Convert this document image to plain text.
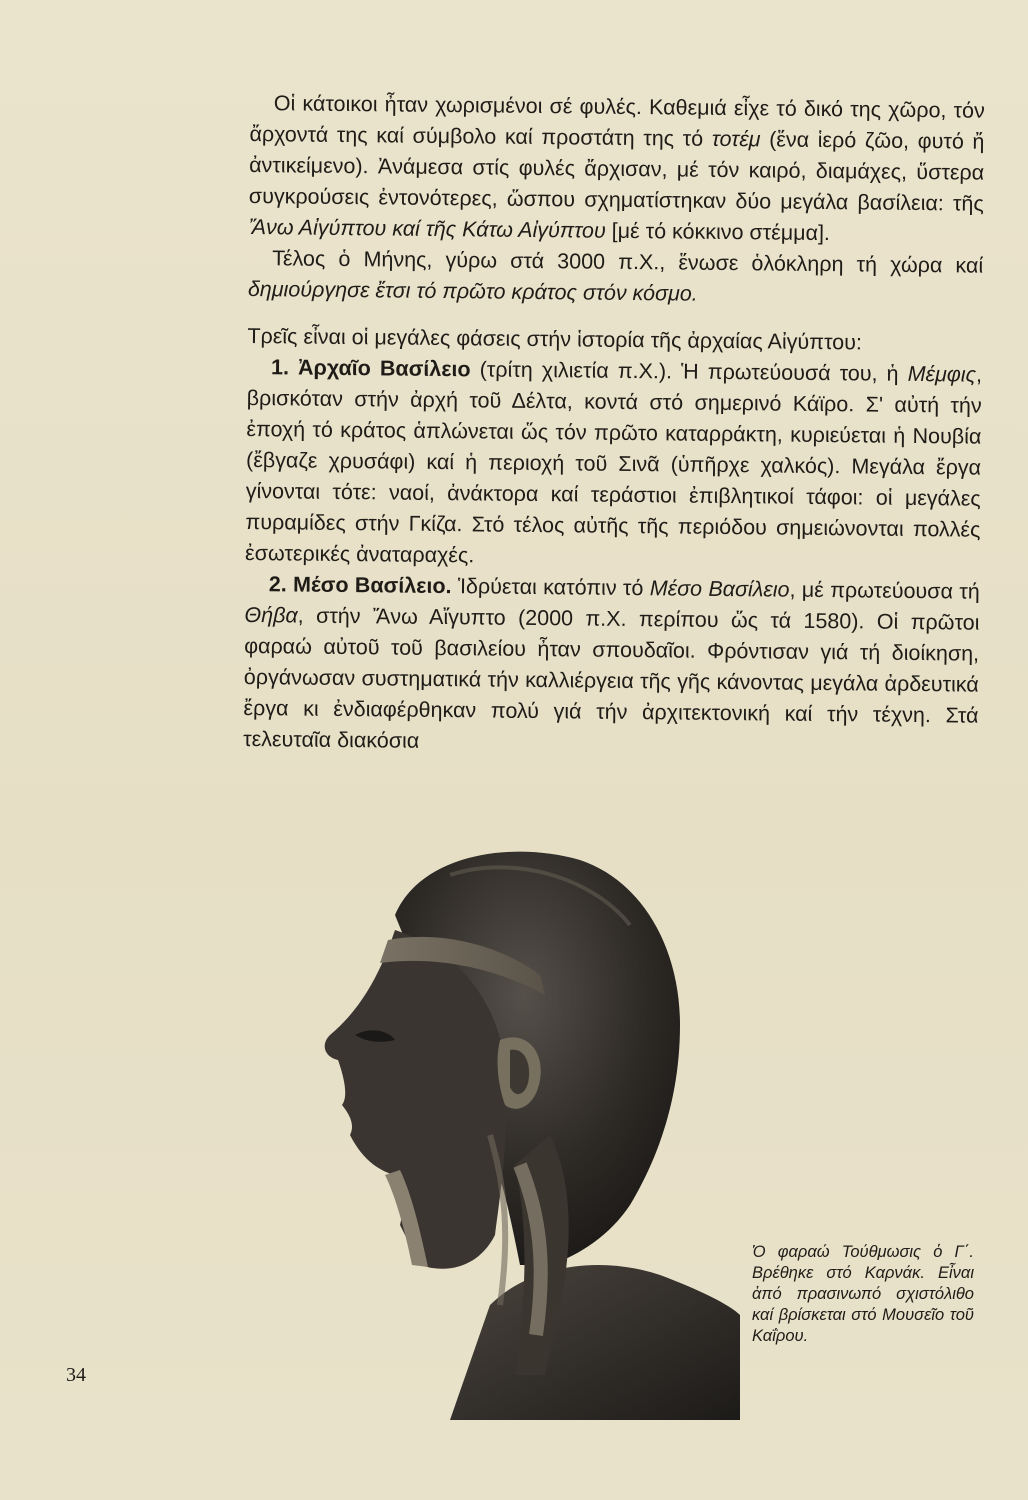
Οἱ κάτοικοι ἦταν χωρισμένοι σέ φυλές. Καθεμιά εἶχε τό δικό της χῶρο, τόν ἄρχοντά της καί σύμβολο καί προστάτη της τό τοτέμ (ἕνα ἱερό ζῶο, φυτό ἤ ἀντικείμενο). Ἀνάμεσα στίς φυλές ἄρχισαν, μέ τόν καιρό, διαμάχες, ὕστερα συγκρούσεις ἐντονότερες, ὥσπου σχηματίστηκαν δύο μεγάλα βασίλεια: τῆς Ἄνω Αἰγύπτου καί τῆς Κάτω Αἰγύπτου [μέ τό κόκκινο στέμμα].

Τέλος ὁ Μήνης, γύρω στά 3000 π.Χ., ἕνωσε ὁλόκληρη τή χώρα καί δημιούργησε ἔτσι τό πρῶτο κράτος στόν κόσμο.

Τρεῖς εἶναι οἱ μεγάλες φάσεις στήν ἱστορία τῆς ἀρχαίας Αἰγύπτου:

1. Ἀρχαῖο Βασίλειο (τρίτη χιλιετία π.Χ.). Ἡ πρωτεύουσά του, ἡ Μέμφις, βρισκόταν στήν ἀρχή τοῦ Δέλτα, κοντά στό σημερινό Κάϊρο. Σ' αὐτή τήν ἐποχή τό κράτος ἁπλώνεται ὥς τόν πρῶτο καταρράκτη, κυριεύεται ἡ Νουβία (ἔβγαζε χρυσάφι) καί ἡ περιοχή τοῦ Σινᾶ (ὑπῆρχε χαλκός). Μεγάλα ἔργα γίνονται τότε: ναοί, ἀνάκτορα καί τεράστιοι ἐπιβλητικοί τάφοι: οἱ μεγάλες πυραμίδες στήν Γκίζα. Στό τέλος αὐτῆς τῆς περιόδου σημειώνονται πολλές ἐσωτερικές ἀναταραχές.

2. Μέσο Βασίλειο. Ἱδρύεται κατόπιν τό Μέσο Βασίλειο, μέ πρωτεύουσα τή Θήβα, στήν Ἄνω Αἴγυπτο (2000 π.Χ. περίπου ὥς τά 1580). Οἱ πρῶτοι φαραώ αὐτοῦ τοῦ βασιλείου ἦταν σπουδαῖοι. Φρόντισαν γιά τή διοίκηση, ὀργάνωσαν συστηματικά τήν καλλιέργεια τῆς γῆς κάνοντας μεγάλα ἀρδευτικά ἔργα κι ἐνδιαφέρθηκαν πολύ γιά τήν ἀρχιτεκτονική καί τήν τέχνη. Στά τελευταῖα διακόσια

Ὁ φαραώ Τούθμωσις ὁ Γ΄. Βρέθηκε στό Καρνάκ. Εἶναι ἀπό πρασινωπό σχιστόλιθο καί βρίσκεται στό Μουσεῖο τοῦ Καΐρου.
34
